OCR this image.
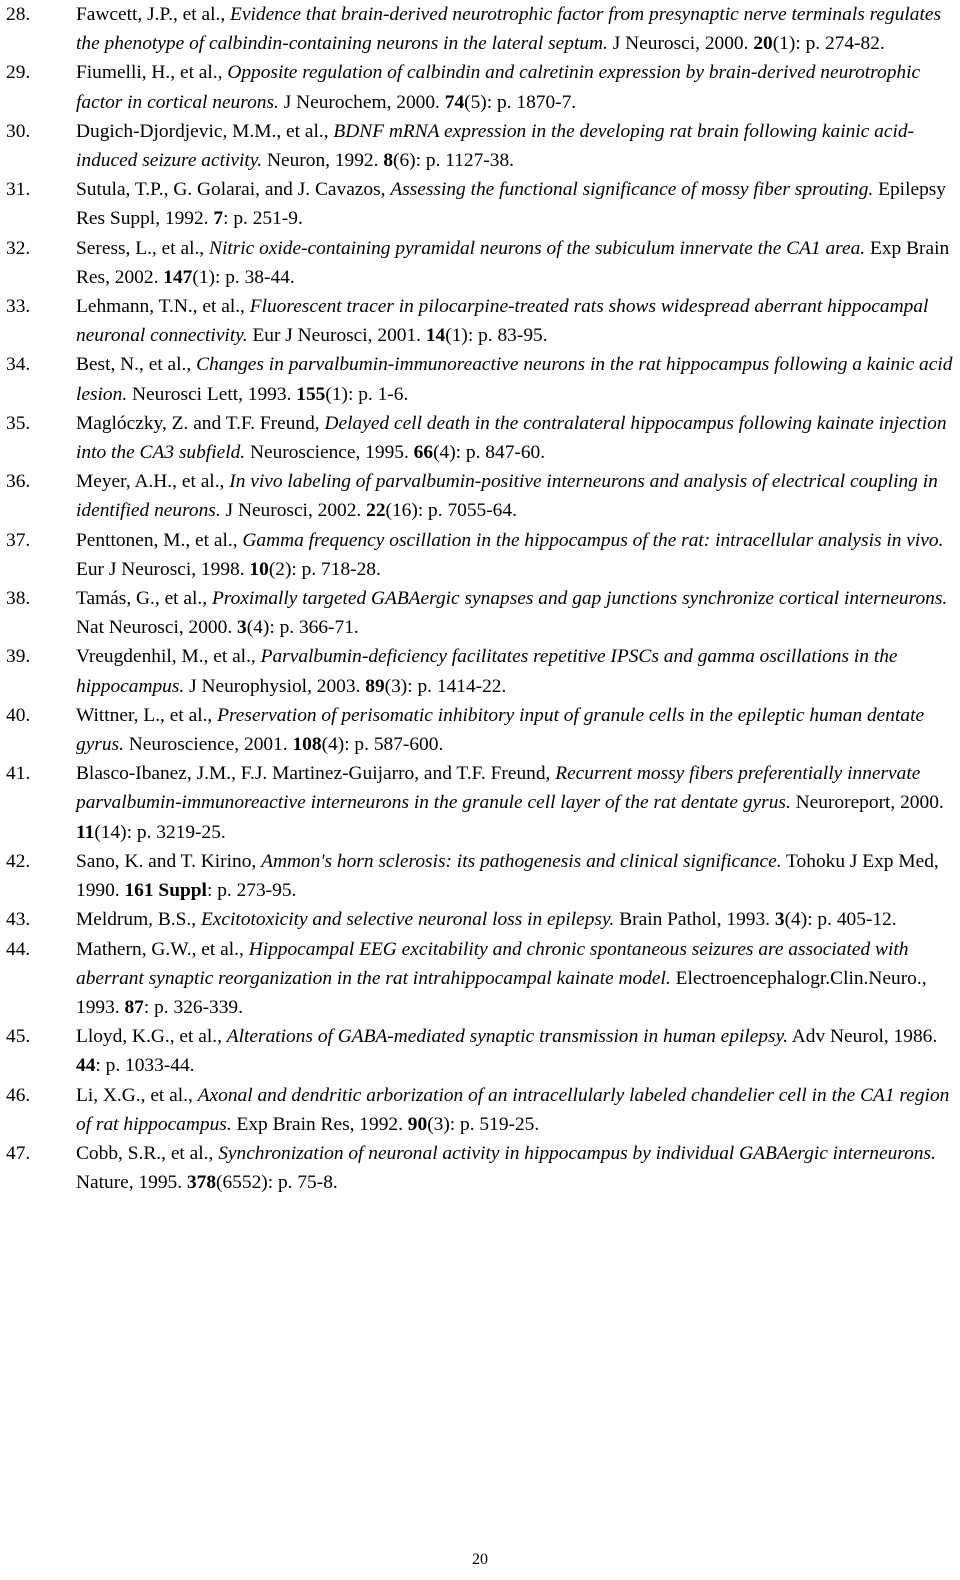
28. Fawcett, J.P., et al., Evidence that brain-derived neurotrophic factor from presynaptic nerve terminals regulates the phenotype of calbindin-containing neurons in the lateral septum. J Neurosci, 2000. 20(1): p. 274-82.
29. Fiumelli, H., et al., Opposite regulation of calbindin and calretinin expression by brain-derived neurotrophic factor in cortical neurons. J Neurochem, 2000. 74(5): p. 1870-7.
30. Dugich-Djordjevic, M.M., et al., BDNF mRNA expression in the developing rat brain following kainic acid-induced seizure activity. Neuron, 1992. 8(6): p. 1127-38.
31. Sutula, T.P., G. Golarai, and J. Cavazos, Assessing the functional significance of mossy fiber sprouting. Epilepsy Res Suppl, 1992. 7: p. 251-9.
32. Seress, L., et al., Nitric oxide-containing pyramidal neurons of the subiculum innervate the CA1 area. Exp Brain Res, 2002. 147(1): p. 38-44.
33. Lehmann, T.N., et al., Fluorescent tracer in pilocarpine-treated rats shows widespread aberrant hippocampal neuronal connectivity. Eur J Neurosci, 2001. 14(1): p. 83-95.
34. Best, N., et al., Changes in parvalbumin-immunoreactive neurons in the rat hippocampus following a kainic acid lesion. Neurosci Lett, 1993. 155(1): p. 1-6.
35. Maglóczky, Z. and T.F. Freund, Delayed cell death in the contralateral hippocampus following kainate injection into the CA3 subfield. Neuroscience, 1995. 66(4): p. 847-60.
36. Meyer, A.H., et al., In vivo labeling of parvalbumin-positive interneurons and analysis of electrical coupling in identified neurons. J Neurosci, 2002. 22(16): p. 7055-64.
37. Penttonen, M., et al., Gamma frequency oscillation in the hippocampus of the rat: intracellular analysis in vivo. Eur J Neurosci, 1998. 10(2): p. 718-28.
38. Tamás, G., et al., Proximally targeted GABAergic synapses and gap junctions synchronize cortical interneurons. Nat Neurosci, 2000. 3(4): p. 366-71.
39. Vreugdenhil, M., et al., Parvalbumin-deficiency facilitates repetitive IPSCs and gamma oscillations in the hippocampus. J Neurophysiol, 2003. 89(3): p. 1414-22.
40. Wittner, L., et al., Preservation of perisomatic inhibitory input of granule cells in the epileptic human dentate gyrus. Neuroscience, 2001. 108(4): p. 587-600.
41. Blasco-Ibanez, J.M., F.J. Martinez-Guijarro, and T.F. Freund, Recurrent mossy fibers preferentially innervate parvalbumin-immunoreactive interneurons in the granule cell layer of the rat dentate gyrus. Neuroreport, 2000. 11(14): p. 3219-25.
42. Sano, K. and T. Kirino, Ammon's horn sclerosis: its pathogenesis and clinical significance. Tohoku J Exp Med, 1990. 161 Suppl: p. 273-95.
43. Meldrum, B.S., Excitotoxicity and selective neuronal loss in epilepsy. Brain Pathol, 1993. 3(4): p. 405-12.
44. Mathern, G.W., et al., Hippocampal EEG excitability and chronic spontaneous seizures are associated with aberrant synaptic reorganization in the rat intrahippocampal kainate model. Electroencephalogr.Clin.Neuro., 1993. 87: p. 326-339.
45. Lloyd, K.G., et al., Alterations of GABA-mediated synaptic transmission in human epilepsy. Adv Neurol, 1986. 44: p. 1033-44.
46. Li, X.G., et al., Axonal and dendritic arborization of an intracellularly labeled chandelier cell in the CA1 region of rat hippocampus. Exp Brain Res, 1992. 90(3): p. 519-25.
47. Cobb, S.R., et al., Synchronization of neuronal activity in hippocampus by individual GABAergic interneurons. Nature, 1995. 378(6552): p. 75-8.
20
